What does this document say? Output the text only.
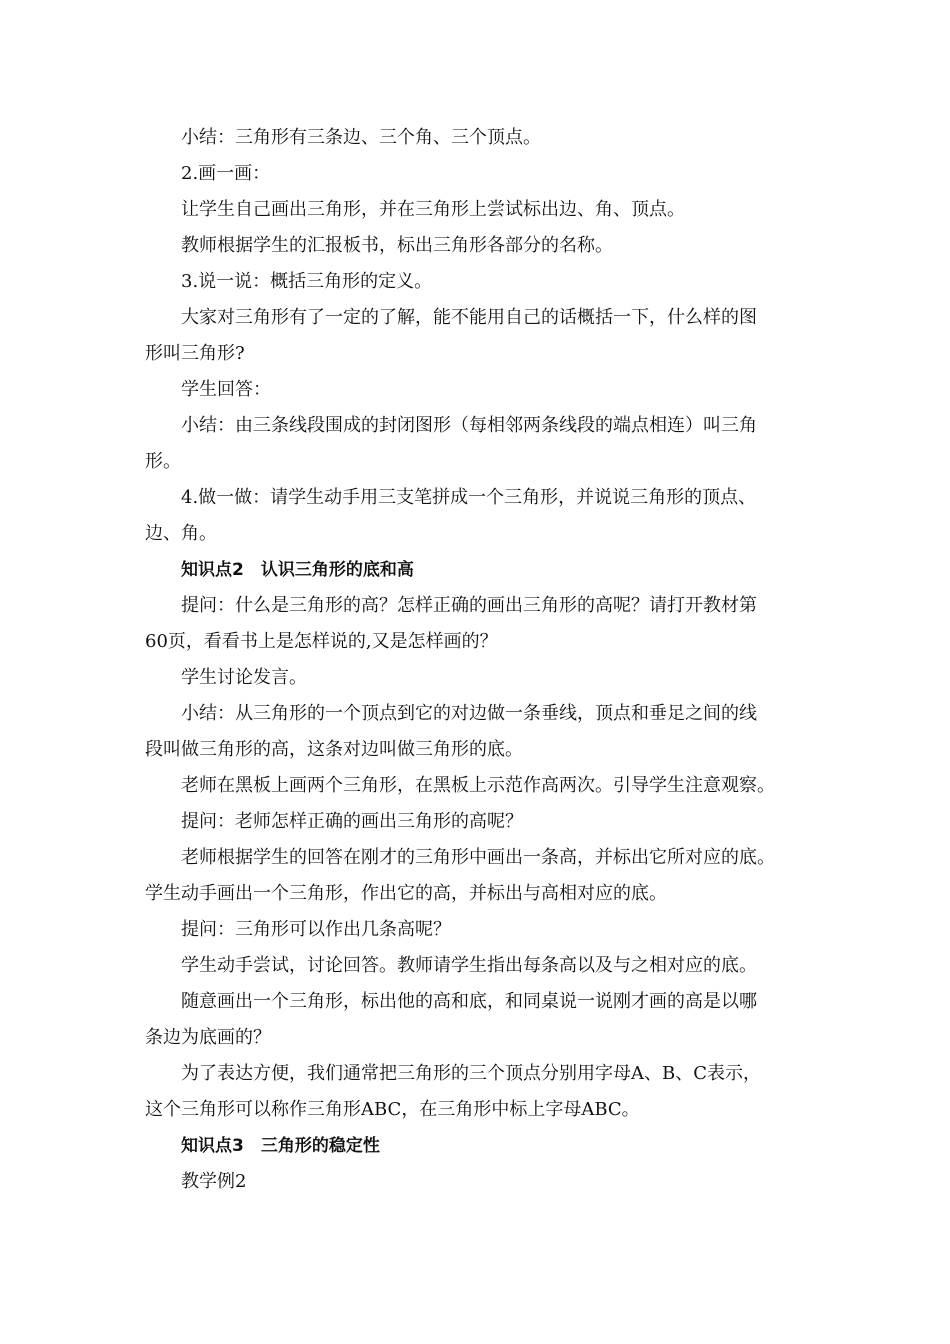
小结：三角形有三条边、三个角、三个顶点。

2.画一画：

让学生自己画出三角形，并在三角形上尝试标出边、角、顶点。

教师根据学生的汇报板书，标出三角形各部分的名称。

3.说一说：概括三角形的定义。

大家对三角形有了一定的了解，能不能用自己的话概括一下，什么样的图
形叫三角形?

学生回答：

小结：由三条线段围成的封闭图形（每相邻两条线段的端点相连）叫三角
形。

4.做一做：请学生动手用三支笔拼成一个三角形，并说说三角形的顶点、
边、角。

知识点2　认识三角形的底和高

提问：什么是三角形的高？怎样正确的画出三角形的高呢？请打开教材第
60页，看看书上是怎样说的,又是怎样画的？

学生讨论发言。

小结：从三角形的一个顶点到它的对边做一条垂线，顶点和垂足之间的线
段叫做三角形的高，这条对边叫做三角形的底。

老师在黑板上画两个三角形，在黑板上示范作高两次。引导学生注意观察。

提问：老师怎样正确的画出三角形的高呢？

老师根据学生的回答在刚才的三角形中画出一条高，并标出它所对应的底。
学生动手画出一个三角形，作出它的高，并标出与高相对应的底。

提问：三角形可以作出几条高呢？

学生动手尝试，讨论回答。教师请学生指出每条高以及与之相对应的底。

随意画出一个三角形，标出他的高和底，和同桌说一说刚才画的高是以哪
条边为底画的？

为了表达方便，我们通常把三角形的三个顶点分别用字母A、B、C表示，
这个三角形可以称作三角形ABC，在三角形中标上字母ABC。

知识点3　三角形的稳定性

教学例2
